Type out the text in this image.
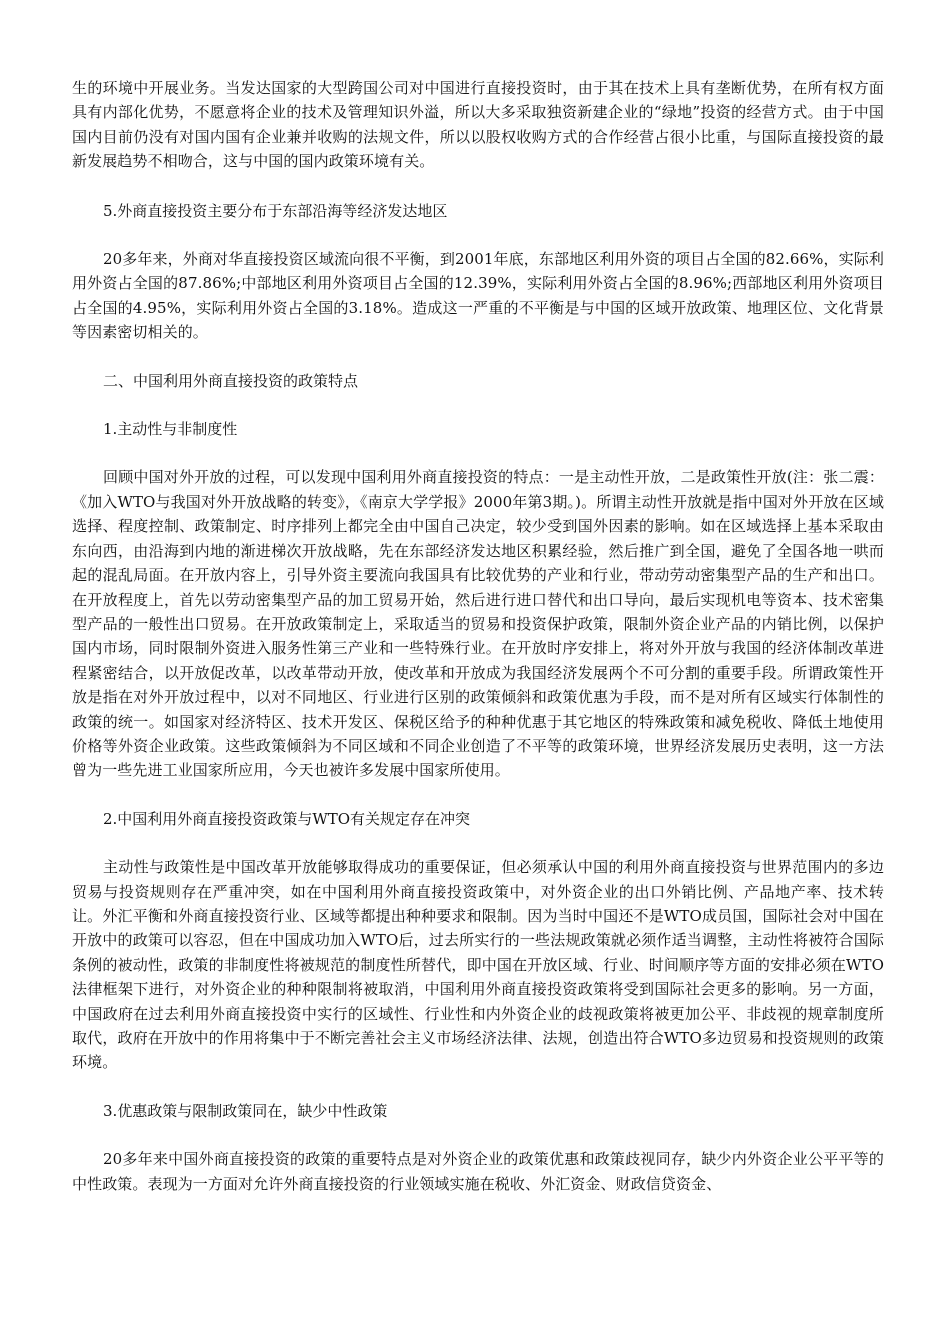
生的环境中开展业务。当发达国家的大型跨国公司对中国进行直接投资时，由于其在技术上具有垄断优势，在所有权方面具有内部化优势，不愿意将企业的技术及管理知识外溢，所以大多采取独资新建企业的“绿地”投资的经营方式。由于中国国内目前仍没有对国内国有企业兼并收购的法规文件，所以以股权收购方式的合作经营占很小比重，与国际直接投资的最新发展趋势不相吻合，这与中国的国内政策环境有关。

5.外商直接投资主要分布于东部沿海等经济发达地区

20多年来，外商对华直接投资区域流向很不平衡，到2001年底，东部地区利用外资的项目占全国的82.66%，实际利用外资占全国的87.86%;中部地区利用外资项目占全国的12.39%，实际利用外资占全国的8.96%;西部地区利用外资项目占全国的4.95%，实际利用外资占全国的3.18%。造成这一严重的不平衡是与中国的区域开放政策、地理区位、文化背景等因素密切相关的。

二、中国利用外商直接投资的政策特点

1.主动性与非制度性

回顾中国对外开放的过程，可以发现中国利用外商直接投资的特点：一是主动性开放，二是政策性开放(注：张二震：《加入WTO与我国对外开放战略的转变》，《南京大学学报》2000年第3期。)。所谓主动性开放就是指中国对外开放在区域选择、程度控制、政策制定、时序排列上都完全由中国自己决定，较少受到国外因素的影响。如在区域选择上基本采取由东向西，由沿海到内地的渐进梯次开放战略，先在东部经济发达地区积累经验，然后推广到全国，避免了全国各地一哄而起的混乱局面。在开放内容上，引导外资主要流向我国具有比较优势的产业和行业，带动劳动密集型产品的生产和出口。在开放程度上，首先以劳动密集型产品的加工贸易开始，然后进行进口替代和出口导向，最后实现机电等资本、技术密集型产品的一般性出口贸易。在开放政策制定上，采取适当的贸易和投资保护政策，限制外资企业产品的内销比例，以保护国内市场，同时限制外资进入服务性第三产业和一些特殊行业。在开放时序安排上，将对外开放与我国的经济体制改革进程紧密结合，以开放促改革，以改革带动开放，使改革和开放成为我国经济发展两个不可分割的重要手段。所谓政策性开放是指在对外开放过程中，以对不同地区、行业进行区别的政策倾斜和政策优惠为手段，而不是对所有区域实行体制性的政策的统一。如国家对经济特区、技术开发区、保税区给予的种种优惠于其它地区的特殊政策和减免税收、降低土地使用价格等外资企业政策。这些政策倾斜为不同区域和不同企业创造了不平等的政策环境，世界经济发展历史表明，这一方法曾为一些先进工业国家所应用，今天也被许多发展中国家所使用。

2.中国利用外商直接投资政策与WTO有关规定存在冲突

主动性与政策性是中国改革开放能够取得成功的重要保证，但必须承认中国的利用外商直接投资与世界范围内的多边贸易与投资规则存在严重冲突，如在中国利用外商直接投资政策中，对外资企业的出口外销比例、产品地产率、技术转让。外汇平衡和外商直接投资行业、区域等都提出种种要求和限制。因为当时中国还不是WTO成员国，国际社会对中国在开放中的政策可以容忍，但在中国成功加入WTO后，过去所实行的一些法规政策就必须作适当调整，主动性将被符合国际条例的被动性，政策的非制度性将被规范的制度性所替代，即中国在开放区域、行业、时间顺序等方面的安排必须在WTO法律框架下进行，对外资企业的种种限制将被取消，中国利用外商直接投资政策将受到国际社会更多的影响。另一方面，中国政府在过去利用外商直接投资中实行的区域性、行业性和内外资企业的歧视政策将被更加公平、非歧视的规章制度所取代，政府在开放中的作用将集中于不断完善社会主义市场经济法律、法规，创造出符合WTO多边贸易和投资规则的政策环境。

3.优惠政策与限制政策同在，缺少中性政策

20多年来中国外商直接投资的政策的重要特点是对外资企业的政策优惠和政策歧视同存，缺少内外资企业公平平等的中性政策。表现为一方面对允许外商直接投资的行业领域实施在税收、外汇资金、财政信贷资金、
